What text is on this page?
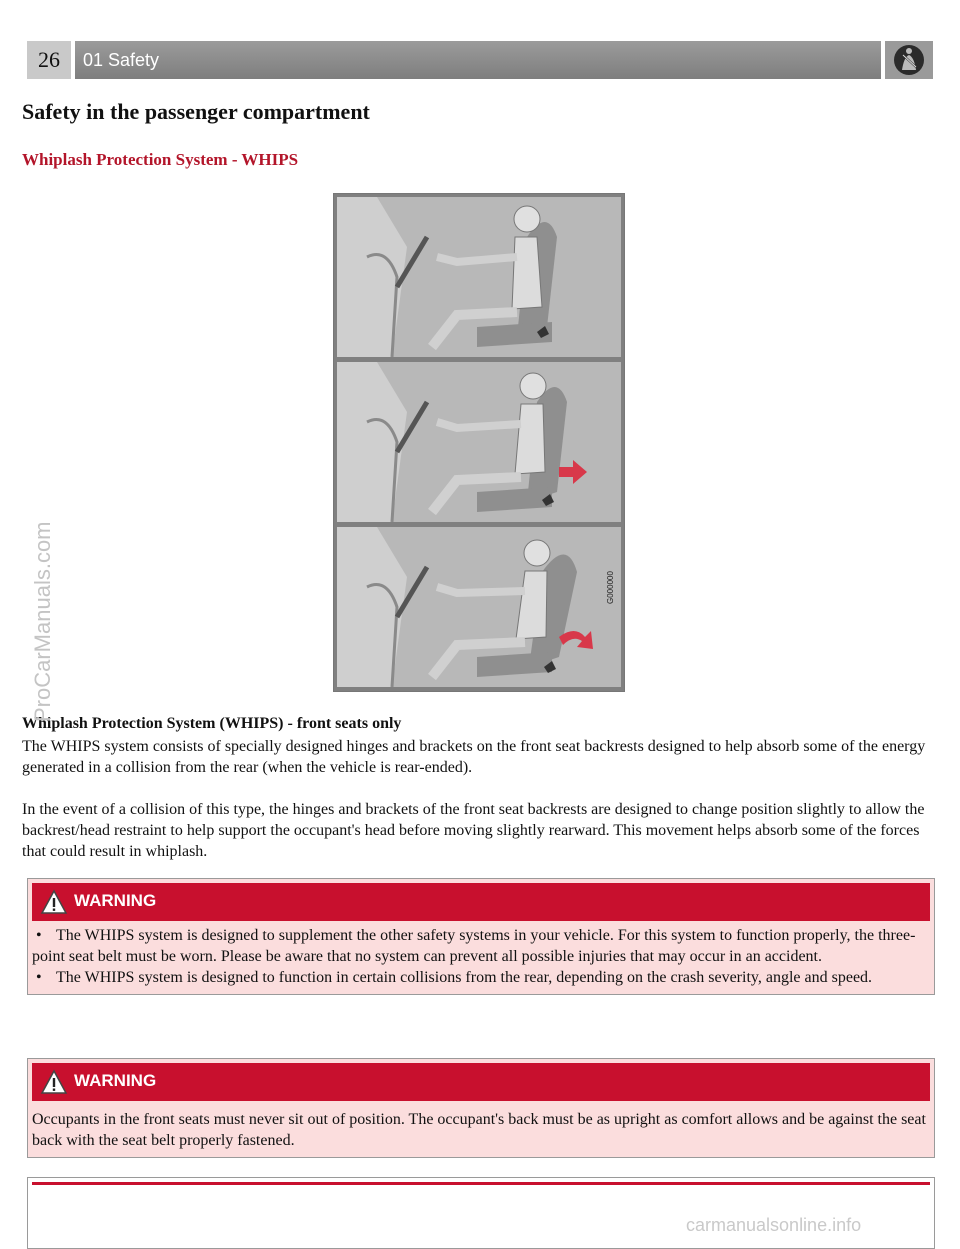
26	01 Safety
Safety in the passenger compartment
Whiplash Protection System - WHIPS
G000000
Whiplash Protection System (WHIPS) - front seats only

The WHIPS system consists of specially designed hinges and brackets on the front seat backrests designed to help absorb some of the energy generated in a collision from the rear (when the vehicle is rear-ended).

In the event of a collision of this type, the hinges and brackets of the front seat backrests are designed to change position slightly to allow the backrest/head restraint to help support the occupant's head before moving slightly rearward. This movement helps absorb some of the forces that could result in whiplash.

WARNING
• The WHIPS system is designed to supplement the other safety systems in your vehicle. For this system to function properly, the three-point seat belt must be worn. Please be aware that no system can prevent all possible injuries that may occur in an accident.
• The WHIPS system is designed to function in certain collisions from the rear, depending on the crash severity, angle and speed.
WARNING
Occupants in the front seats must never sit out of position. The occupant's back must be as upright as comfort allows and be against the seat back with the seat belt properly fastened.
ProCarManuals.com
carmanualsonline.info
